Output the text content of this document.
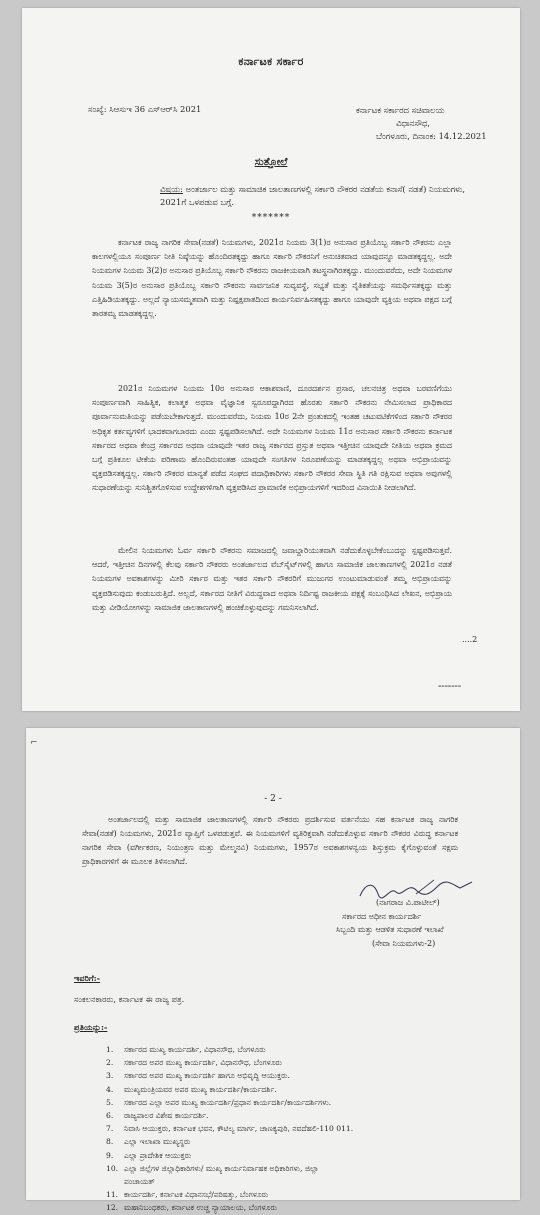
ಕರ್ನಾಟಕ ಸರ್ಕಾರ
ಸಂಖ್ಯೆ: ಸಿಆಸುಇ 36 ಎಸ್‌ಆರ್‌ಸಿ 2021	ಕರ್ನಾಟಕ ಸರ್ಕಾರದ ಸಚಿವಾಲಯ
ವಿಧಾನಸೌಧ,
ಬೆಂಗಳೂರು, ದಿನಾಂಕ: 14.12.2021
ಸುತ್ತೋಲೆ
ವಿಷಯ: ಅಂತರ್ಜಾಲ ಮತ್ತು ಸಾಮಾಜಿಕ ಜಾಲತಾಣಗಳಲ್ಲಿ ಸರ್ಕಾರಿ ನೌಕರರ ನಡತೆಯ ಕನಾಸೆ( ನಡತೆ) ನಿಯಮಗಳು, 2021ಗೆ ಒಳಪಡುವ ಬಗ್ಗೆ.
*******
ಕರ್ನಾಟಕ ರಾಜ್ಯ ನಾಗರಿಕ ಸೇವಾ(ನಡತೆ) ನಿಯಮಗಳು, 2021ರ ನಿಯಮ 3(1)ರ ಅನುಸಾರ ಪ್ರತಿಯೊಬ್ಬ ಸರ್ಕಾರಿ ನೌಕರನು ಎಲ್ಲಾ ಕಾಲಗಳಲ್ಲಿಯೂ ಸಂಪೂರ್ಣ ನೀತಿ ನಿಷ್ಠೆಯನ್ನು ಹೊಂದಿರತಕ್ಕದ್ದು ಹಾಗೂ ಸರ್ಕಾರಿ ನೌಕರನಿಗೆ ಅನುಚಿತವಾದ ಯಾವುದನ್ನೂ ಮಾಡತಕ್ಕದ್ದಲ್ಲ. ಅದೇ ನಿಯಮಗಳ ನಿಯಮ 3(2)ರ ಅನುಸಾರ ಪ್ರತಿಯೊಬ್ಬ ಸರ್ಕಾರಿ ನೌಕರನು ರಾಜಕೀಯವಾಗಿ ತಟಸ್ಥನಾಗಿರತಕ್ಕದ್ದು. ಮುಂದುವರೆದು, ಅದೇ ನಿಯಮಗಳ ನಿಯಮ 3(5)ರ ಅನುಸಾರ ಪ್ರತಿಯೊಬ್ಬ ಸರ್ಕಾರಿ ನೌಕರನು ಸಾರ್ವಜನಿಕ ಸುವ್ಯವಸ್ಥೆ, ಸಭ್ಯತೆ ಮತ್ತು ನೈತಿಕತೆಯನ್ನು ಸಮರ್ಥಿಸತಕ್ಕದ್ದು ಮತ್ತು ಎತ್ತಿಹಿಡಿಯತಕ್ಕದ್ದು. ಅಲ್ಲದೆ ನ್ಯಾಯಸಮ್ಮತವಾಗಿ ಮತ್ತು ನಿಷ್ಪಕ್ಷಪಾತದಿಂದ ಕಾರ್ಯನಿರ್ವಹಿಸತಕ್ಕದ್ದು ಹಾಗೂ ಯಾವುದೇ ವ್ಯಕ್ತಿಯ ಅಥವಾ ಪಕ್ಷದ ಬಗ್ಗೆ ತಾರತಮ್ಯ ಮಾಡತಕ್ಕದ್ದಲ್ಲ.
2021ರ ನಿಯಮಗಳ ನಿಯಮ 10ರ ಅನುಸಾರ ಆಕಾಶವಾಣಿ, ದೂರದರ್ಶನ ಪ್ರಸಾರ, ಚಲನಚಿತ್ರ ಅಥವಾ ಬರವಣಿಗೆಯು ಸಂಪೂರ್ಣವಾಗಿ ಸಾಹಿತ್ಯಿಕ, ಕಲಾತ್ಮಕ ಅಥವಾ ವೈಜ್ಞಾನಿಕ ಸ್ವರೂಪದ್ದಾಗಿರದ ಹೊರತು ಸರ್ಕಾರಿ ನೌಕರನು ನೇಮಿಸಲಾದ ಪ್ರಾಧಿಕಾರದ ಪೂರ್ವಾನುಮತಿಯನ್ನು ಪಡೆಯಬೇಕಾಗುತ್ತದೆ. ಮುಂದುವರೆದು, ನಿಯಮ 10ರ 2ನೇ ಪ್ರಂತುಕದಲ್ಲಿ ಇಂತಹ ಚಟುವಟಿಕೆಗಳಿಂದ ಸರ್ಕಾರಿ ನೌಕರರ ಅಧಿಕೃತ ಕರ್ತವ್ಯಗಳಿಗೆ ಭಾದಕವಾಗಬಾರದು ಎಂದು ಸ್ಪಷ್ಟಪಡಿಸಲಾಗಿದೆ. ಅದೇ ನಿಯಮಗಳ ನಿಯಮ 11ರ ಅನುಸಾರ ಸರ್ಕಾರಿ ನೌಕರನು ಕರ್ನಾಟಕ ಸರ್ಕಾರದ ಅಥವಾ ಕೇಂದ್ರ ಸರ್ಕಾರದ ಅಥವಾ ಯಾವುದೇ ಇತರ ರಾಜ್ಯ ಸರ್ಕಾರದ ಪ್ರಸ್ತುತ ಅಥವಾ ಇತ್ತೀಚಿನ ಯಾವುದೇ ನೀತಿಯ ಅಥವಾ ಕ್ರಮದ ಬಗ್ಗೆ ಪ್ರತಿಕೂಲ ಟೀಕೆಯ ಪರಿಣಾಮ ಹೊಂದಿರುವಂತಹ ಯಾವುದೇ ಸಂಗತಿಗಳ ನಿರೂಪಣೆಯನ್ನು ಮಾಡತಕ್ಕದ್ದಲ್ಲ ಅಥವಾ ಅಭಿಪ್ರಾಯವನ್ನು ವ್ಯಕ್ತಪಡಿಸತಕ್ಕದ್ದಲ್ಲ. ಸರ್ಕಾರಿ ನೌಕರರ ಮಾನ್ಯತೆ ಪಡೆದ ಸಂಘದ ಪದಾಧಿಕಾರಿಗಳು ಸರ್ಕಾರಿ ನೌಕರರ ಸೇವಾ ಸ್ಥಿತಿ ಗತಿ ರಕ್ಷಿಸುವ ಅಥವಾ ಅವುಗಳಲ್ಲಿ ಸುಧಾರಣೆಯನ್ನು ಸುನಿಶ್ಚಿತಗೊಳಿಸುವ ಉದ್ದೇಶಗಳಿಗಾಗಿ ವ್ಯಕ್ತಪಡಿಸಿದ ಪ್ರಾಮಾಣಿಕ ಅಭಿಪ್ರಾಯಗಳಿಗೆ ಇದರಿಂದ ವಿನಾಯಿತಿ ನೀಡಲಾಗಿದೆ.
ಮೇಲಿನ ನಿಯಮಗಳು ಓರ್ವ ಸರ್ಕಾರಿ ನೌಕರನು ಸಮಾಜದಲ್ಲಿ ಜವಾಬ್ದಾರಿಯುತವಾಗಿ ನಡೆದುಕೊಳ್ಳಬೇಕೆಂಬುದನ್ನು ಸ್ಪಷ್ಟಪಡಿಸುತ್ತವೆ. ಆದರೆ, ಇತ್ತೀಚಿನ ದಿನಗಳಲ್ಲಿ ಕೆಲವು ಸರ್ಕಾರಿ ನೌಕರರು ಅಂತರ್ಜಾಲದ ವೆಬ್‌ಸೈಟ್‌ಗಳಲ್ಲಿ ಹಾಗೂ ಸಾಮಾಜಿಕ ಜಾಲತಾಣಗಳಲ್ಲಿ 2021ರ ನಡತೆ ನಿಯಮಗಳ ಅವಕಾಶಗಳನ್ನು ಮೀರಿ ಸರ್ಕಾರ ಮತ್ತು ಇತರ ಸರ್ಕಾರಿ ನೌಕರರಿಗೆ ಮುಜುಗರ ಉಂಟುಮಾಡುವಂತೆ ತಮ್ಮ ಅಭಿಪ್ರಾಯವನ್ನು ವ್ಯಕ್ತಪಡಿಸುವುದು ಕಂಡುಬರುತ್ತಿದೆ. ಅಲ್ಲದೆ, ಸರ್ಕಾರದ ನೀತಿಗೆ ವಿರುದ್ಧವಾದ ಅಥವಾ ನಿರ್ದಿಷ್ಟ ರಾಜಕೀಯ ಪಕ್ಷಕ್ಕೆ ಸಂಬಂಧಿಸಿದ ಲೇಖನ, ಅಭಿಪ್ರಾಯ ಮತ್ತು ವೀಡಿಯೋಗಳನ್ನು ಸಾಮಾಜಿಕ ಜಾಲತಾಣಗಳಲ್ಲಿ ಹಂಚಿಕೊಳ್ಳುವುದನ್ನು ಗಮನಿಸಲಾಗಿದೆ.
....2
▬▬▬▬▬▬▬
⌐
- 2 -
ಅಂತರ್ಜಾಲದಲ್ಲಿ ಮತ್ತು ಸಾಮಾಜಿಕ ಜಾಲತಾಣಗಳಲ್ಲಿ ಸರ್ಕಾರಿ ನೌಕರರು ಪ್ರದರ್ಶಿಸುವ ವರ್ತನೆಯು ಸಹ ಕರ್ನಾಟಕ ರಾಜ್ಯ ನಾಗರಿಕ ಸೇವಾ(ನಡತೆ) ನಿಯಮಗಳು, 2021ರ ವ್ಯಾಪ್ತಿಗೆ ಒಳಪಡುತ್ತವೆ. ಈ ನಿಯಮಗಳಿಗೆ ವ್ಯತಿರಿಕ್ತವಾಗಿ ನಡೆದುಕೊಳ್ಳುವ ಸರ್ಕಾರಿ ನೌಕರರ ವಿರುದ್ಧ ಕರ್ನಾಟಕ ನಾಗರಿಕ ಸೇವಾ (ವರ್ಗೀಕರಣ, ನಿಯಂತ್ರಣ ಮತ್ತು ಮೇಲ್ಮನವಿ) ನಿಯಮಗಳು, 1957ರ ಅವಕಾಶಗಳನ್ವಯ ಶಿಸ್ತುಕ್ರಮ ಕೈಗೊಳ್ಳುವಂತೆ ಸಕ್ಷಮ ಪ್ರಾಧಿಕಾರಗಳಿಗೆ ಈ ಮೂಲಕ ತಿಳಿಸಲಾಗಿದೆ.
(ನಾಗರಾಜ ವಿ.ಪಾಟೀಲ್)
ಸರ್ಕಾರದ ಅಧೀನ ಕಾರ್ಯದರ್ಶಿ
ಸಿಬ್ಬಂದಿ ಮತ್ತು ಆಡಳಿತ ಸುಧಾರಣೆ ಇಲಾಖೆ
(ಸೇವಾ ನಿಯಮಗಳು-2)
ಇವರಿಗೆ:-
ಸಂಕಲನಕಾರರು, ಕರ್ನಾಟಕ ಈ ರಾಜ್ಯ ಪತ್ರ.
ಪ್ರತಿಯನ್ನು:-
1. ಸರ್ಕಾರದ ಮುಖ್ಯ ಕಾರ್ಯದರ್ಶಿ, ವಿಧಾನಸೌಧ, ಬೆಂಗಳೂರು
2. ಸರ್ಕಾರದ ಅಪರ ಮುಖ್ಯ ಕಾರ್ಯದರ್ಶಿ, ವಿಧಾನಸೌಧ, ಬೆಂಗಳೂರು
3. ಸರ್ಕಾರದ ಅಪರ ಮುಖ್ಯ ಕಾರ್ಯದರ್ಶಿ ಹಾಗೂ ಅಭಿವೃದ್ಧಿ ಆಯುಕ್ತರು.
4. ಮುಖ್ಯಮಂತ್ರಿಯವರ ಅಪರ ಮುಖ್ಯ ಕಾರ್ಯದರ್ಶಿ/ಕಾರ್ಯದರ್ಶಿ.
5. ಸರ್ಕಾರದ ಎಲ್ಲಾ ಅಪರ ಮುಖ್ಯ ಕಾರ್ಯದರ್ಶಿ/ಪ್ರಧಾನ ಕಾರ್ಯದರ್ಶಿ/ಕಾರ್ಯದರ್ಶಿಗಳು.
6. ರಾಜ್ಯಪಾಲರ ವಿಶೇಷ ಕಾರ್ಯದರ್ಶಿ.
7. ನಿವಾಸಿ ಆಯುಕ್ತರು, ಕರ್ನಾಟಕ ಭವನ, ಕೌಟಿಲ್ಯ ಮಾರ್ಗ, ಚಾಣಕ್ಯಪುರಿ, ನವದೆಹಲಿ-110 011.
8. ಎಲ್ಲಾ ಇಲಾಖಾ ಮುಖ್ಯಸ್ಥರು
9. ಎಲ್ಲಾ ಪ್ರಾದೇಶಿಕ ಆಯುಕ್ತರು
10. ಎಲ್ಲಾ ಜಿಲ್ಲೆಗಳ ಜಿಲ್ಲಾಧಿಕಾರಿಗಳು/ ಮುಖ್ಯ ಕಾರ್ಯನಿರ್ವಾಹಕ ಅಧಿಕಾರಿಗಳು, ಜಿಲ್ಲಾ
ಪಂಚಾಯತ್
11. ಕಾರ್ಯದರ್ಶಿ, ಕರ್ನಾಟಕ ವಿಧಾನಸಭೆ/ಪರಿಷತ್ತು, ಬೆಂಗಳೂರು
12. ಮಹಾನಿಬಂಧಕರು, ಕರ್ನಾಟಕ ಉಚ್ಚ ನ್ಯಾಯಾಲಯ, ಬೆಂಗಳೂರು
